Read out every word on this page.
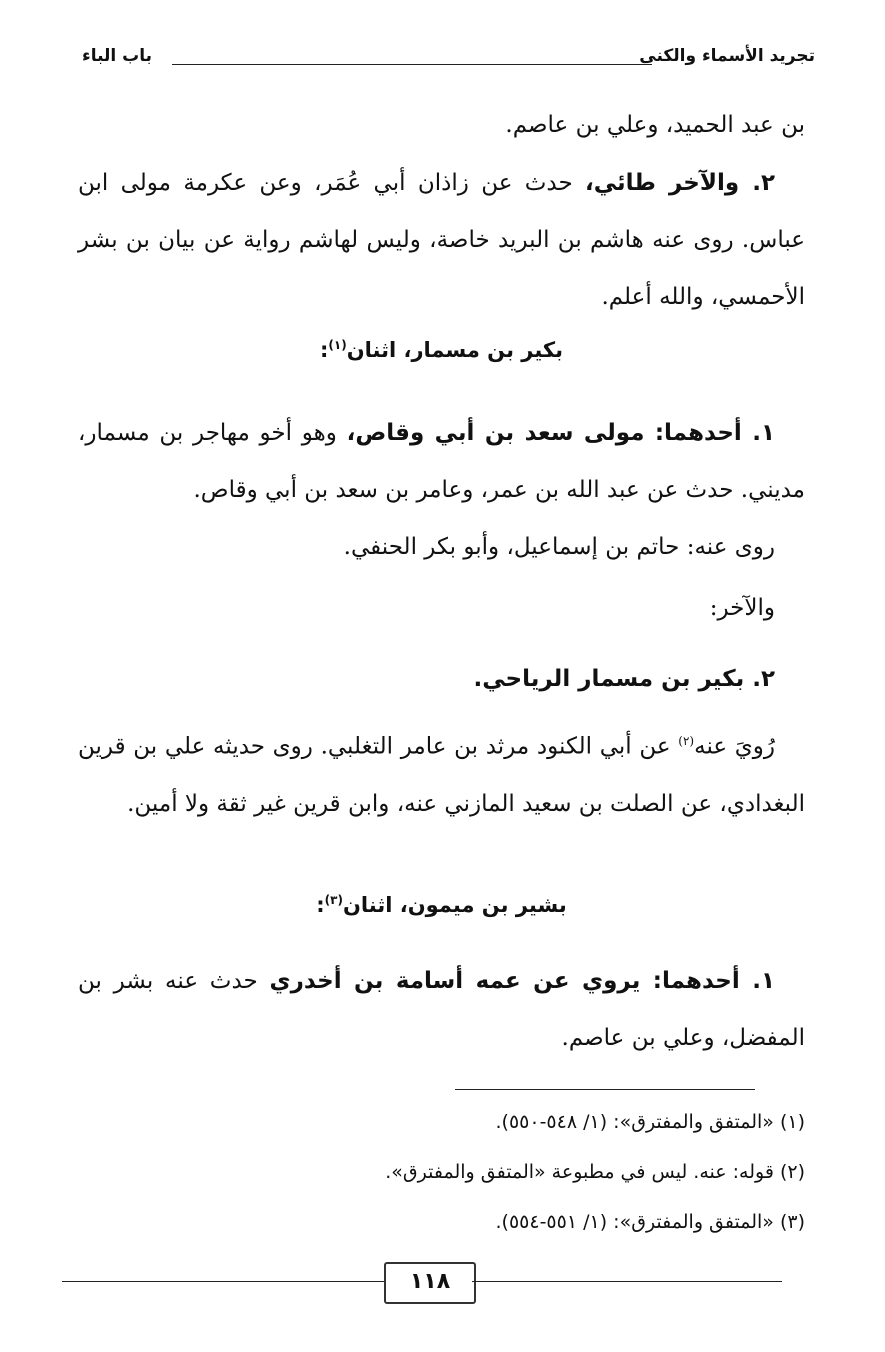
تجريد الأسماء والكنى
باب الباء
بن عبد الحميد، وعلي بن عاصم.
٢. والآخر طائي، حدث عن زاذان أبي عُمَر، وعن عكرمة مولى ابن عباس. روى عنه هاشم بن البريد خاصة، وليس لهاشم رواية عن بيان بن بشر الأحمسي، والله أعلم.
بكير بن مسمار، اثنان$^{(١)}$:
١. أحدهما: مولى سعد بن أبي وقاص، وهو أخو مهاجر بن مسمار، مديني. حدث عن عبد الله بن عمر، وعامر بن سعد بن أبي وقاص.
روى عنه: حاتم بن إسماعيل، وأبو بكر الحنفي.
والآخر:
٢. بكير بن مسمار الرياحي.
رُويَ عنه$^{(٢)}$ عن أبي الكنود مرثد بن عامر التغلبي. روى حديثه علي بن قرين البغدادي، عن الصلت بن سعيد المازني عنه، وابن قرين غير ثقة ولا أمين.
بشير بن ميمون، اثنان$^{(٣)}$:
١. أحدهما: يروي عن عمه أسامة بن أخدري حدث عنه بشر بن المفضل، وعلي بن عاصم.
(١) «المتفق والمفترق»: (١/ ٥٤٨-٥٥٠).
(٢) قوله: عنه. ليس في مطبوعة «المتفق والمفترق».
(٣) «المتفق والمفترق»: (١/ ٥٥١-٥٥٤).
١١٨
